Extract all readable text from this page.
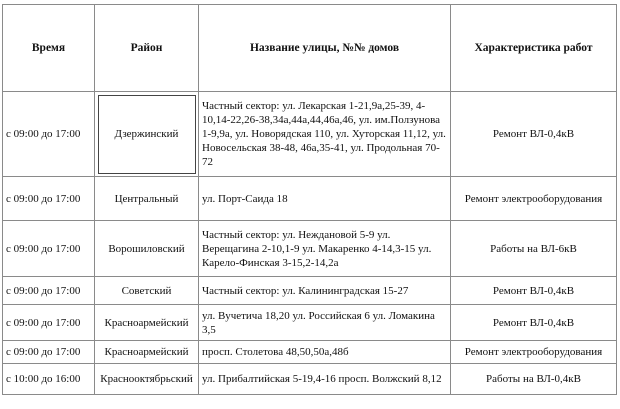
Время	Район	Название улицы, №№ домов	Характеристика работ
с 09:00 до 17:00	Дзержинский	Частный сектор: ул. Лекарская 1-21,9а,25-39, 4-10,14-22,26-38,34а,44а,44,46а,46, ул. им.Ползунова 1-9,9а, ул. Новорядская 110, ул. Хуторская 11,12, ул. Новосельская 38-48, 46а,35-41, ул. Продольная 70-72	Ремонт ВЛ-0,4кВ
с 09:00 до 17:00	Центральный	ул. Порт-Саида 18	Ремонт электрооборудования
с 09:00 до 17:00	Ворошиловский	Частный сектор: ул. Неждановой 5-9 ул. Верещагина 2-10,1-9 ул. Макаренко 4-14,3-15 ул. Карело-Финская 3-15,2-14,2а	Работы на ВЛ-6кВ
с 09:00 до 17:00	Советский	Частный сектор: ул. Калининградская 15-27	Ремонт ВЛ-0,4кВ
с 09:00 до 17:00	Красноармейский	ул. Вучетича 18,20 ул. Российская 6 ул. Ломакина 3,5	Ремонт ВЛ-0,4кВ
с 09:00 до 17:00	Красноармейский	просп. Столетова 48,50,50а,48б	Ремонт электрооборудования
с 10:00 до 16:00	Краснооктябрьский	ул. Прибалтийская 5-19,4-16 просп. Волжский 8,12	Работы на ВЛ-0,4кВ
